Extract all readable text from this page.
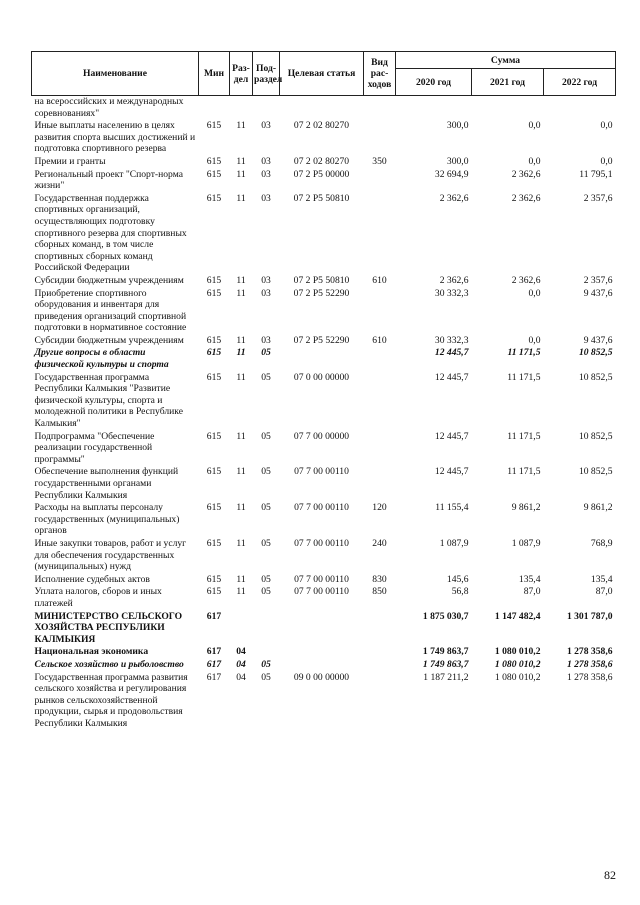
Наименование	Мин	Раз-дел	Под-раздел	Целевая статья	Вид рас-ходов	Сумма		
						2020 год	2021 год	2022 год
на всероссийских и международных соревнованиях"								
Иные выплаты населению в целях развития спорта высших достижений и подготовка спортивного резерва	615	11	03	07 2 02 80270		300,0	0,0	0,0
Премии и гранты	615	11	03	07 2 02 80270	350	300,0	0,0	0,0
Региональный проект "Спорт-норма жизни"	615	11	03	07 2 P5 00000		32 694,9	2 362,6	11 795,1
Государственная поддержка спортивных организаций, осуществляющих подготовку спортивного резерва для спортивных сборных команд, в том числе спортивных сборных команд Российской Федерации	615	11	03	07 2 P5 50810		2 362,6	2 362,6	2 357,6
Субсидии бюджетным учреждениям	615	11	03	07 2 P5 50810	610	2 362,6	2 362,6	2 357,6
Приобретение спортивного оборудования и инвентаря для приведения организаций спортивной подготовки в нормативное состояние	615	11	03	07 2 P5 52290		30 332,3	0,0	9 437,6
Субсидии бюджетным учреждениям	615	11	03	07 2 P5 52290	610	30 332,3	0,0	9 437,6
Другие вопросы в области физической культуры и спорта	615	11	05			12 445,7	11 171,5	10 852,5
Государственная программа Республики Калмыкия "Развитие физической культуры, спорта и молодежной политики в Республике Калмыкия"	615	11	05	07 0 00 00000		12 445,7	11 171,5	10 852,5
Подпрограмма "Обеспечение реализации государственной программы"	615	11	05	07 7 00 00000		12 445,7	11 171,5	10 852,5
Обеспечение выполнения функций государственными органами Республики Калмыкия	615	11	05	07 7 00 00110		12 445,7	11 171,5	10 852,5
Расходы на выплаты персоналу государственных (муниципальных) органов	615	11	05	07 7 00 00110	120	11 155,4	9 861,2	9 861,2
Иные закупки товаров, работ и услуг для обеспечения государственных (муниципальных) нужд	615	11	05	07 7 00 00110	240	1 087,9	1 087,9	768,9
Исполнение судебных актов	615	11	05	07 7 00 00110	830	145,6	135,4	135,4
Уплата налогов, сборов и иных платежей	615	11	05	07 7 00 00110	850	56,8	87,0	87,0
МИНИСТЕРСТВО СЕЛЬСКОГО ХОЗЯЙСТВА РЕСПУБЛИКИ КАЛМЫКИЯ	617					1 875 030,7	1 147 482,4	1 301 787,0
Национальная экономика	617	04				1 749 863,7	1 080 010,2	1 278 358,6
Сельское хозяйство и рыболовство	617	04	05			1 749 863,7	1 080 010,2	1 278 358,6
Государственная программа развития сельского хозяйства и регулирования рынков сельскохозяйственной продукции, сырья и продовольствия Республики Калмыкия	617	04	05	09 0 00 00000		1 187 211,2	1 080 010,2	1 278 358,6
82
